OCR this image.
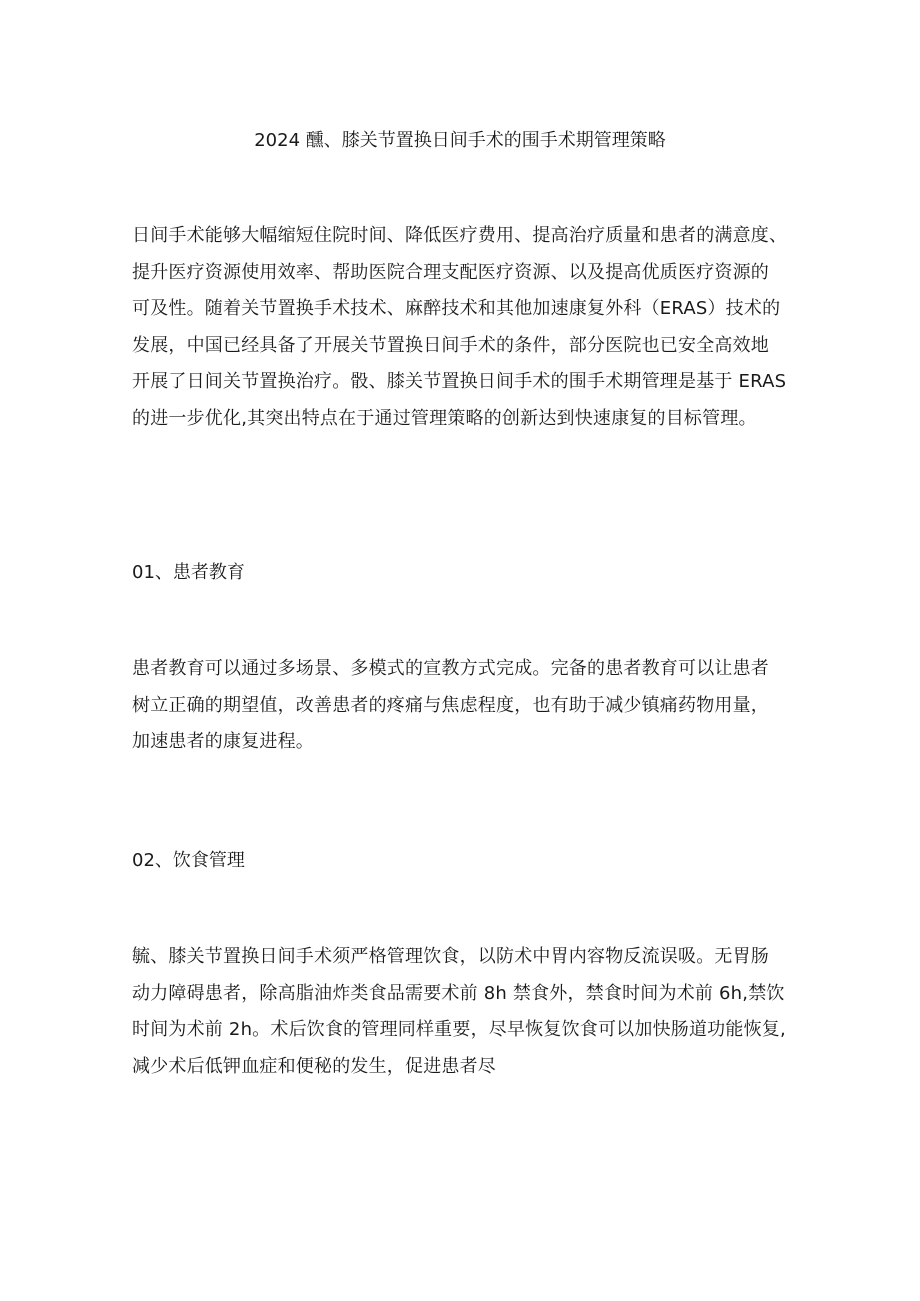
2024 醺、膝关节置换日间手术的围手术期管理策略

日间手术能够大幅缩短住院时间、降低医疗费用、提高治疗质量和患者的满意度、
提升医疗资源使用效率、帮助医院合理支配医疗资源、以及提高优质医疗资源的
可及性。随着关节置换手术技术、麻醉技术和其他加速康复外科（ERAS）技术的
发展，中国已经具备了开展关节置换日间手术的条件，部分医院也已安全高效地
开展了日间关节置换治疗。骰、膝关节置换日间手术的围手术期管理是基于 ERAS
的进一步优化,其突出特点在于通过管理策略的创新达到快速康复的目标管理。

01、患者教育

患者教育可以通过多场景、多模式的宣教方式完成。完备的患者教育可以让患者
树立正确的期望值，改善患者的疼痛与焦虑程度，也有助于减少镇痛药物用量，
加速患者的康复进程。

02、饮食管理

毓、膝关节置换日间手术须严格管理饮食，以防术中胃内容物反流误吸。无胃肠
动力障碍患者，除高脂油炸类食品需要术前 8h 禁食外，禁食时间为术前 6h,禁饮
时间为术前 2h。术后饮食的管理同样重要，尽早恢复饮食可以加快肠道功能恢复,
减少术后低钾血症和便秘的发生，促进患者尽
